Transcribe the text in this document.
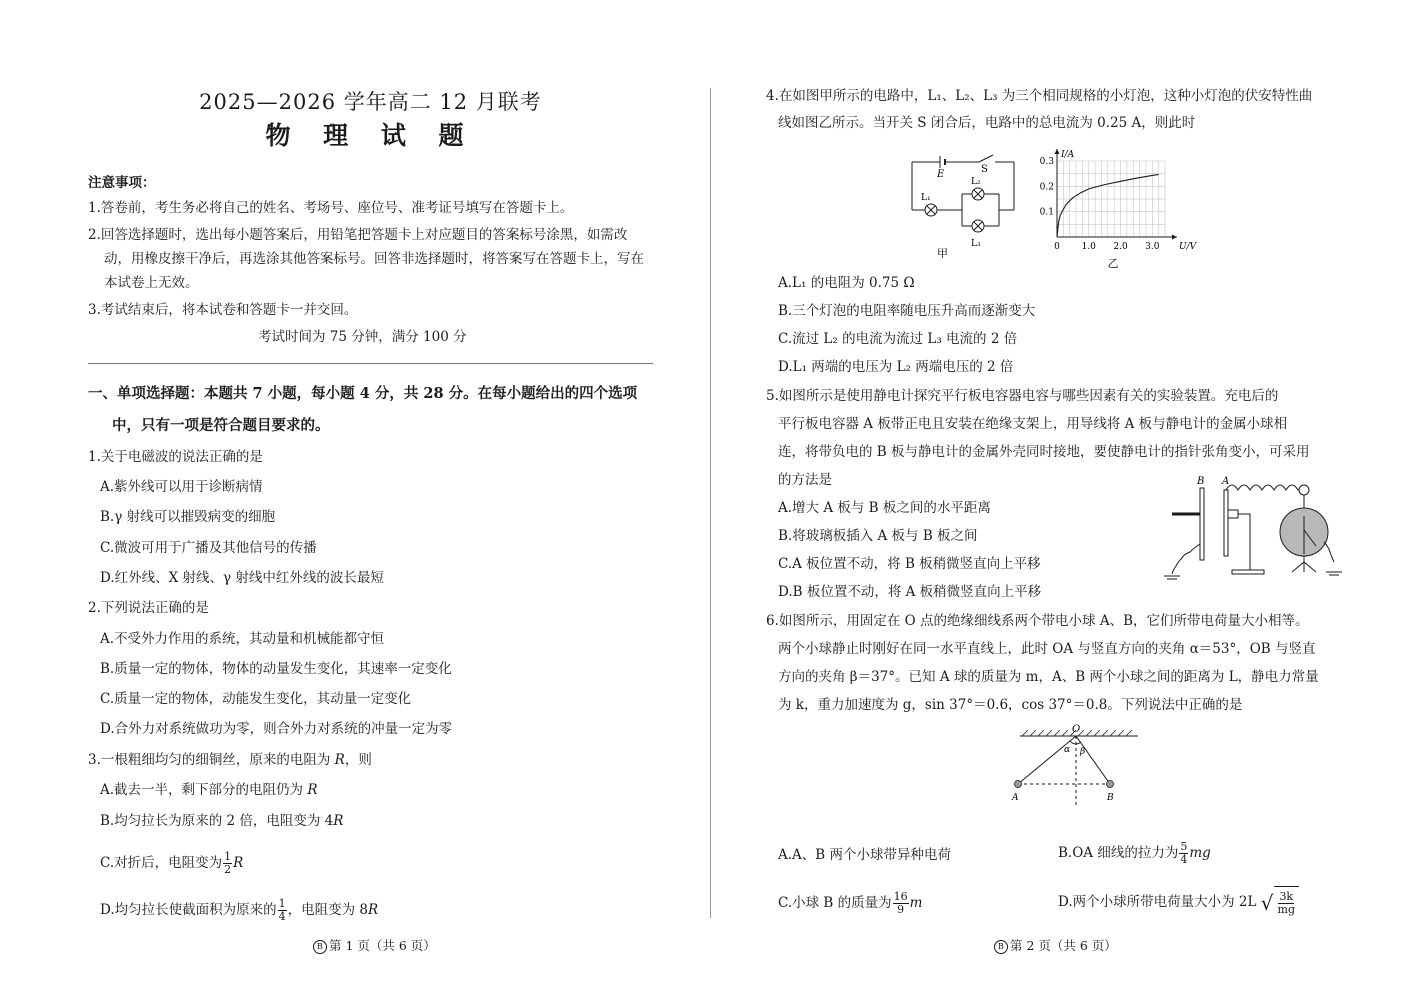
2025—2026 学年高二 12 月联考
物 理 试 题
注意事项：
1.答卷前，考生务必将自己的姓名、考场号、座位号、准考证号填写在答题卡上。
2.回答选择题时，选出每小题答案后，用铅笔把答题卡上对应题目的答案标号涂黑，如需改
动，用橡皮擦干净后，再选涂其他答案标号。回答非选择题时，将答案写在答题卡上，写在
本试卷上无效。
3.考试结束后，将本试卷和答题卡一并交回。
考试时间为 75 分钟，满分 100 分
一、单项选择题：本题共 7 小题，每小题 4 分，共 28 分。在每小题给出的四个选项
中，只有一项是符合题目要求的。
1.关于电磁波的说法正确的是
A.紫外线可以用于诊断病情
B.γ 射线可以摧毁病变的细胞
C.微波可用于广播及其他信号的传播
D.红外线、X 射线、γ 射线中红外线的波长最短
2.下列说法正确的是
A.不受外力作用的系统，其动量和机械能都守恒
B.质量一定的物体，物体的动量发生变化，其速率一定变化
C.质量一定的物体，动能发生变化，其动量一定变化
D.合外力对系统做功为零，则合外力对系统的冲量一定为零
3.一根粗细均匀的细铜丝，原来的电阻为 R，则
A.截去一半，剩下部分的电阻仍为 R
B.均匀拉长为原来的 2 倍，电阻变为 4R
C.对折后，电阻变为 $\frac{1}{2}$ R
D.均匀拉长使截面积为原来的 $\frac{1}{4}$ ，电阻变为 8R
B 第 1 页（共 6 页）
4.在如图甲所示的电路中，L₁、L₂、L₃ 为三个相同规格的小灯泡，这种小灯泡的伏安特性曲
线如图乙所示。当开关 S 闭合后，电路中的总电流为 0.25 A，则此时
E	S
L₁
L₂
L₃
甲	0 1.0 2.0 3.0
0.1
0.2
0.3
U/V
I/A
乙
A.L₁ 的电阻为 0.75 Ω
B.三个灯泡的电阻率随电压升高而逐渐变大
C.流过 L₂ 的电流为流过 L₃ 电流的 2 倍
D.L₁ 两端的电压为 L₂ 两端电压的 2 倍
5.如图所示是使用静电计探究平行板电容器电容与哪些因素有关的实验装置。充电后的
平行板电容器 A 板带正电且安装在绝缘支架上，用导线将 A 板与静电计的金属小球相
连，将带负电的 B 板与静电计的金属外壳同时接地，要使静电计的指针张角变小，可采用
的方法是
A.增大 A 板与 B 板之间的水平距离
B.将玻璃板插入 A 板与 B 板之间
C.A 板位置不动，将 B 板稍微竖直向上平移
D.B 板位置不动，将 A 板稍微竖直向上平移
B A
6.如图所示，用固定在 O 点的绝缘细线系两个带电小球 A、B，它们所带电荷量大小相等。
两个小球静止时刚好在同一水平直线上，此时 OA 与竖直方向的夹角 α＝53°，OB 与竖直
方向的夹角 β＝37°。已知 A 球的质量为 m，A、B 两个小球之间的距离为 L，静电力常量
为 k，重力加速度为 g，sin 37°＝0.6，cos 37°＝0.8。下列说法中正确的是
O
α β
A	B
A.A、B 两个小球带异种电荷	B.OA 细线的拉力为 $\frac{5}{4}$ mg
C.小球 B 的质量为 $\frac{16}{9}$ m	D.两个小球所带电荷量大小为 2L √ $\frac{3k}{mg}$
B 第 2 页（共 6 页）
